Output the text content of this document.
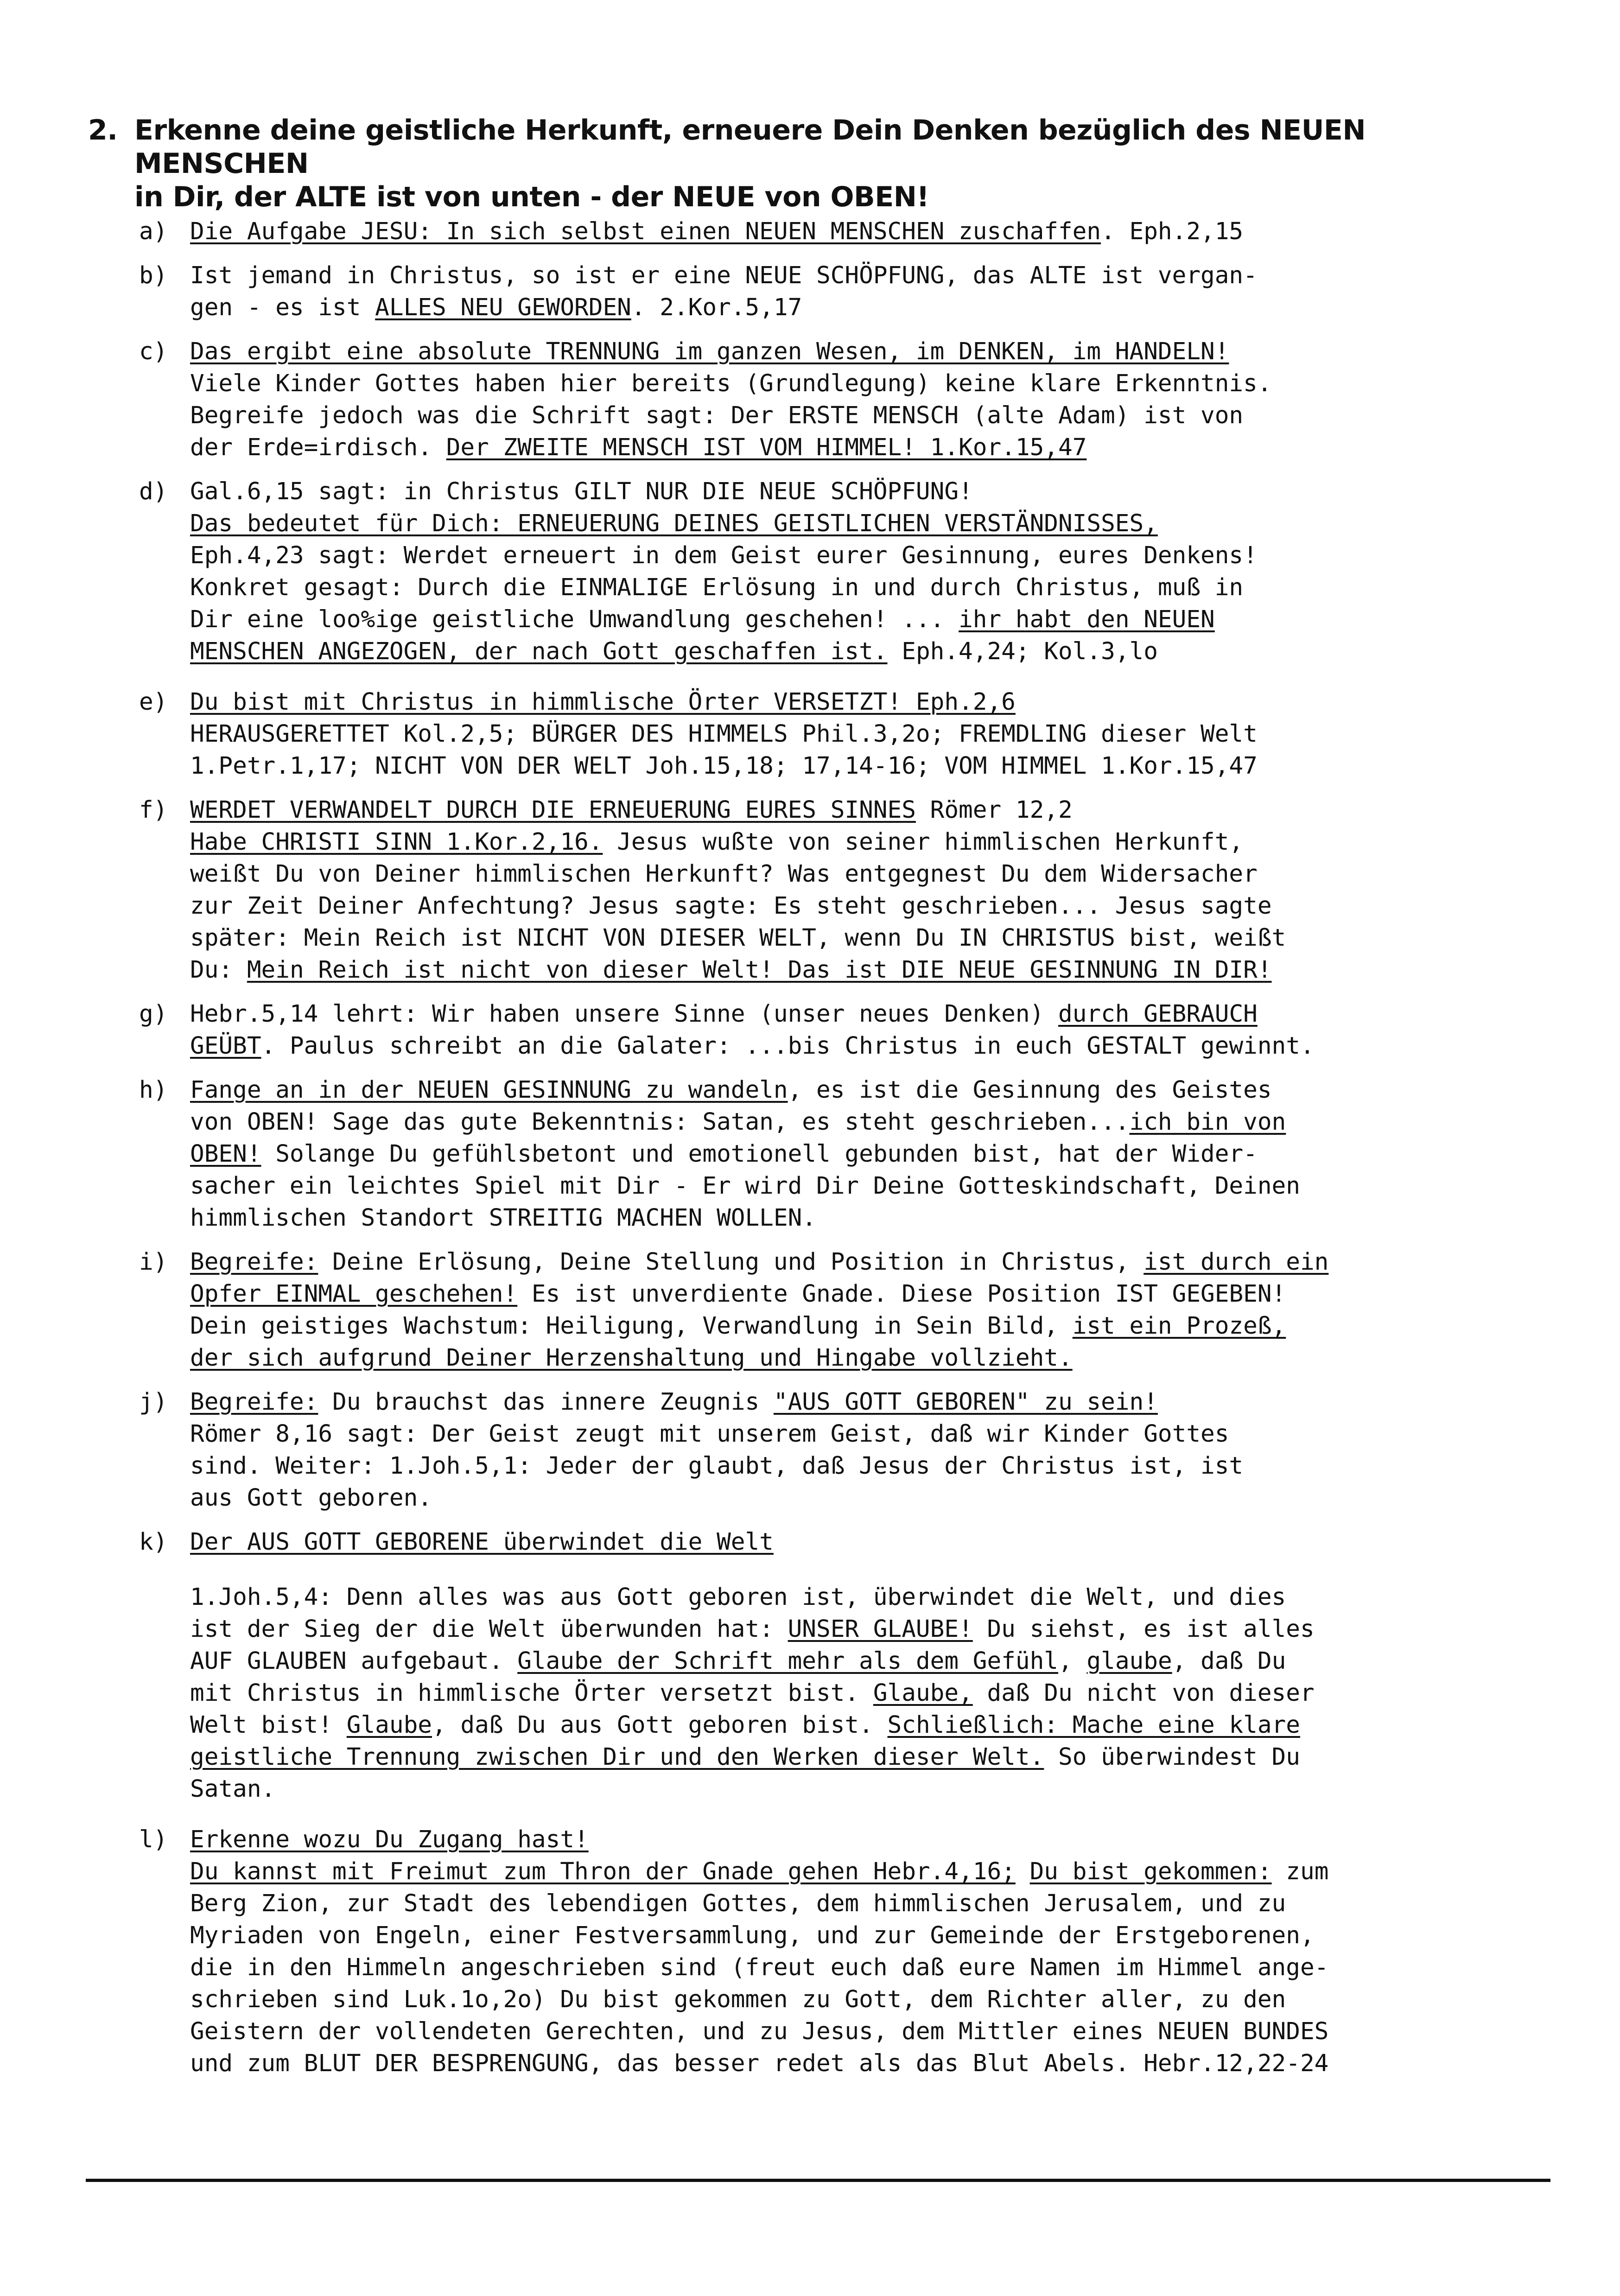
2. Erkenne deine geistliche Herkunft, erneuere Dein Denken bezüglich des NEUEN MENSCHEN
in Dir, der ALTE ist von unten - der NEUE von OBEN!
a) Die Aufgabe JESU: In sich selbst einen NEUEN MENSCHEN zuschaffen. Eph.2,15
b) Ist jemand in Christus, so ist er eine NEUE SCHÖPFUNG, das ALTE ist vergan-
gen - es ist ALLES NEU GEWORDEN. 2.Kor.5,17
c) Das ergibt eine absolute TRENNUNG im ganzen Wesen, im DENKEN, im HANDELN!
Viele Kinder Gottes haben hier bereits (Grundlegung) keine klare Erkenntnis.
Begreife jedoch was die Schrift sagt: Der ERSTE MENSCH (alte Adam) ist von
der Erde=irdisch. Der ZWEITE MENSCH IST VOM HIMMEL! 1.Kor.15,47
d) Gal.6,15 sagt: in Christus GILT NUR DIE NEUE SCHÖPFUNG!
Das bedeutet für Dich: ERNEUERUNG DEINES GEISTLICHEN VERSTÄNDNISSES,
Eph.4,23 sagt: Werdet erneuert in dem Geist eurer Gesinnung, eures Denkens!
Konkret gesagt: Durch die EINMALIGE Erlösung in und durch Christus, muß in
Dir eine loo%ige geistliche Umwandlung geschehen! ... ihr habt den NEUEN
MENSCHEN ANGEZOGEN, der nach Gott geschaffen ist. Eph.4,24; Kol.3,lo
e) Du bist mit Christus in himmlische Örter VERSETZT! Eph.2,6
HERAUSGERETTET Kol.2,5; BÜRGER DES HIMMELS Phil.3,2o; FREMDLING dieser Welt
1.Petr.1,17; NICHT VON DER WELT Joh.15,18; 17,14-16; VOM HIMMEL 1.Kor.15,47
f) WERDET VERWANDELT DURCH DIE ERNEUERUNG EURES SINNES Römer 12,2
Habe CHRISTI SINN 1.Kor.2,16. Jesus wußte von seiner himmlischen Herkunft,
weißt Du von Deiner himmlischen Herkunft? Was entgegnest Du dem Widersacher
zur Zeit Deiner Anfechtung? Jesus sagte: Es steht geschrieben... Jesus sagte
später: Mein Reich ist NICHT VON DIESER WELT, wenn Du IN CHRISTUS bist, weißt
Du: Mein Reich ist nicht von dieser Welt! Das ist DIE NEUE GESINNUNG IN DIR!
g) Hebr.5,14 lehrt: Wir haben unsere Sinne (unser neues Denken) durch GEBRAUCH
GEÜBT. Paulus schreibt an die Galater: ...bis Christus in euch GESTALT gewinnt.
h) Fange an in der NEUEN GESINNUNG zu wandeln, es ist die Gesinnung des Geistes
von OBEN! Sage das gute Bekenntnis: Satan, es steht geschrieben...ich bin von
OBEN! Solange Du gefühlsbetont und emotionell gebunden bist, hat der Wider-
sacher ein leichtes Spiel mit Dir - Er wird Dir Deine Gotteskindschaft, Deinen
himmlischen Standort STREITIG MACHEN WOLLEN.
i) Begreife: Deine Erlösung, Deine Stellung und Position in Christus, ist durch ein
Opfer EINMAL geschehen! Es ist unverdiente Gnade. Diese Position IST GEGEBEN!
Dein geistiges Wachstum: Heiligung, Verwandlung in Sein Bild, ist ein Prozeß,
der sich aufgrund Deiner Herzenshaltung und Hingabe vollzieht.
j) Begreife: Du brauchst das innere Zeugnis "AUS GOTT GEBOREN" zu sein!
Römer 8,16 sagt: Der Geist zeugt mit unserem Geist, daß wir Kinder Gottes
sind. Weiter: 1.Joh.5,1: Jeder der glaubt, daß Jesus der Christus ist, ist
aus Gott geboren.
k) Der AUS GOTT GEBORENE überwindet die Welt
1.Joh.5,4: Denn alles was aus Gott geboren ist, überwindet die Welt, und dies
ist der Sieg der die Welt überwunden hat: UNSER GLAUBE! Du siehst, es ist alles
AUF GLAUBEN aufgebaut. Glaube der Schrift mehr als dem Gefühl, glaube, daß Du
mit Christus in himmlische Örter versetzt bist. Glaube, daß Du nicht von dieser
Welt bist! Glaube, daß Du aus Gott geboren bist. Schließlich: Mache eine klare
geistliche Trennung zwischen Dir und den Werken dieser Welt. So überwindest Du
Satan.
l) Erkenne wozu Du Zugang hast!
Du kannst mit Freimut zum Thron der Gnade gehen Hebr.4,16; Du bist gekommen: zum
Berg Zion, zur Stadt des lebendigen Gottes, dem himmlischen Jerusalem, und zu
Myriaden von Engeln, einer Festversammlung, und zur Gemeinde der Erstgeborenen,
die in den Himmeln angeschrieben sind (freut euch daß eure Namen im Himmel ange-
schrieben sind Luk.1o,2o) Du bist gekommen zu Gott, dem Richter aller, zu den
Geistern der vollendeten Gerechten, und zu Jesus, dem Mittler eines NEUEN BUNDES
und zum BLUT DER BESPRENGUNG, das besser redet als das Blut Abels. Hebr.12,22-24
